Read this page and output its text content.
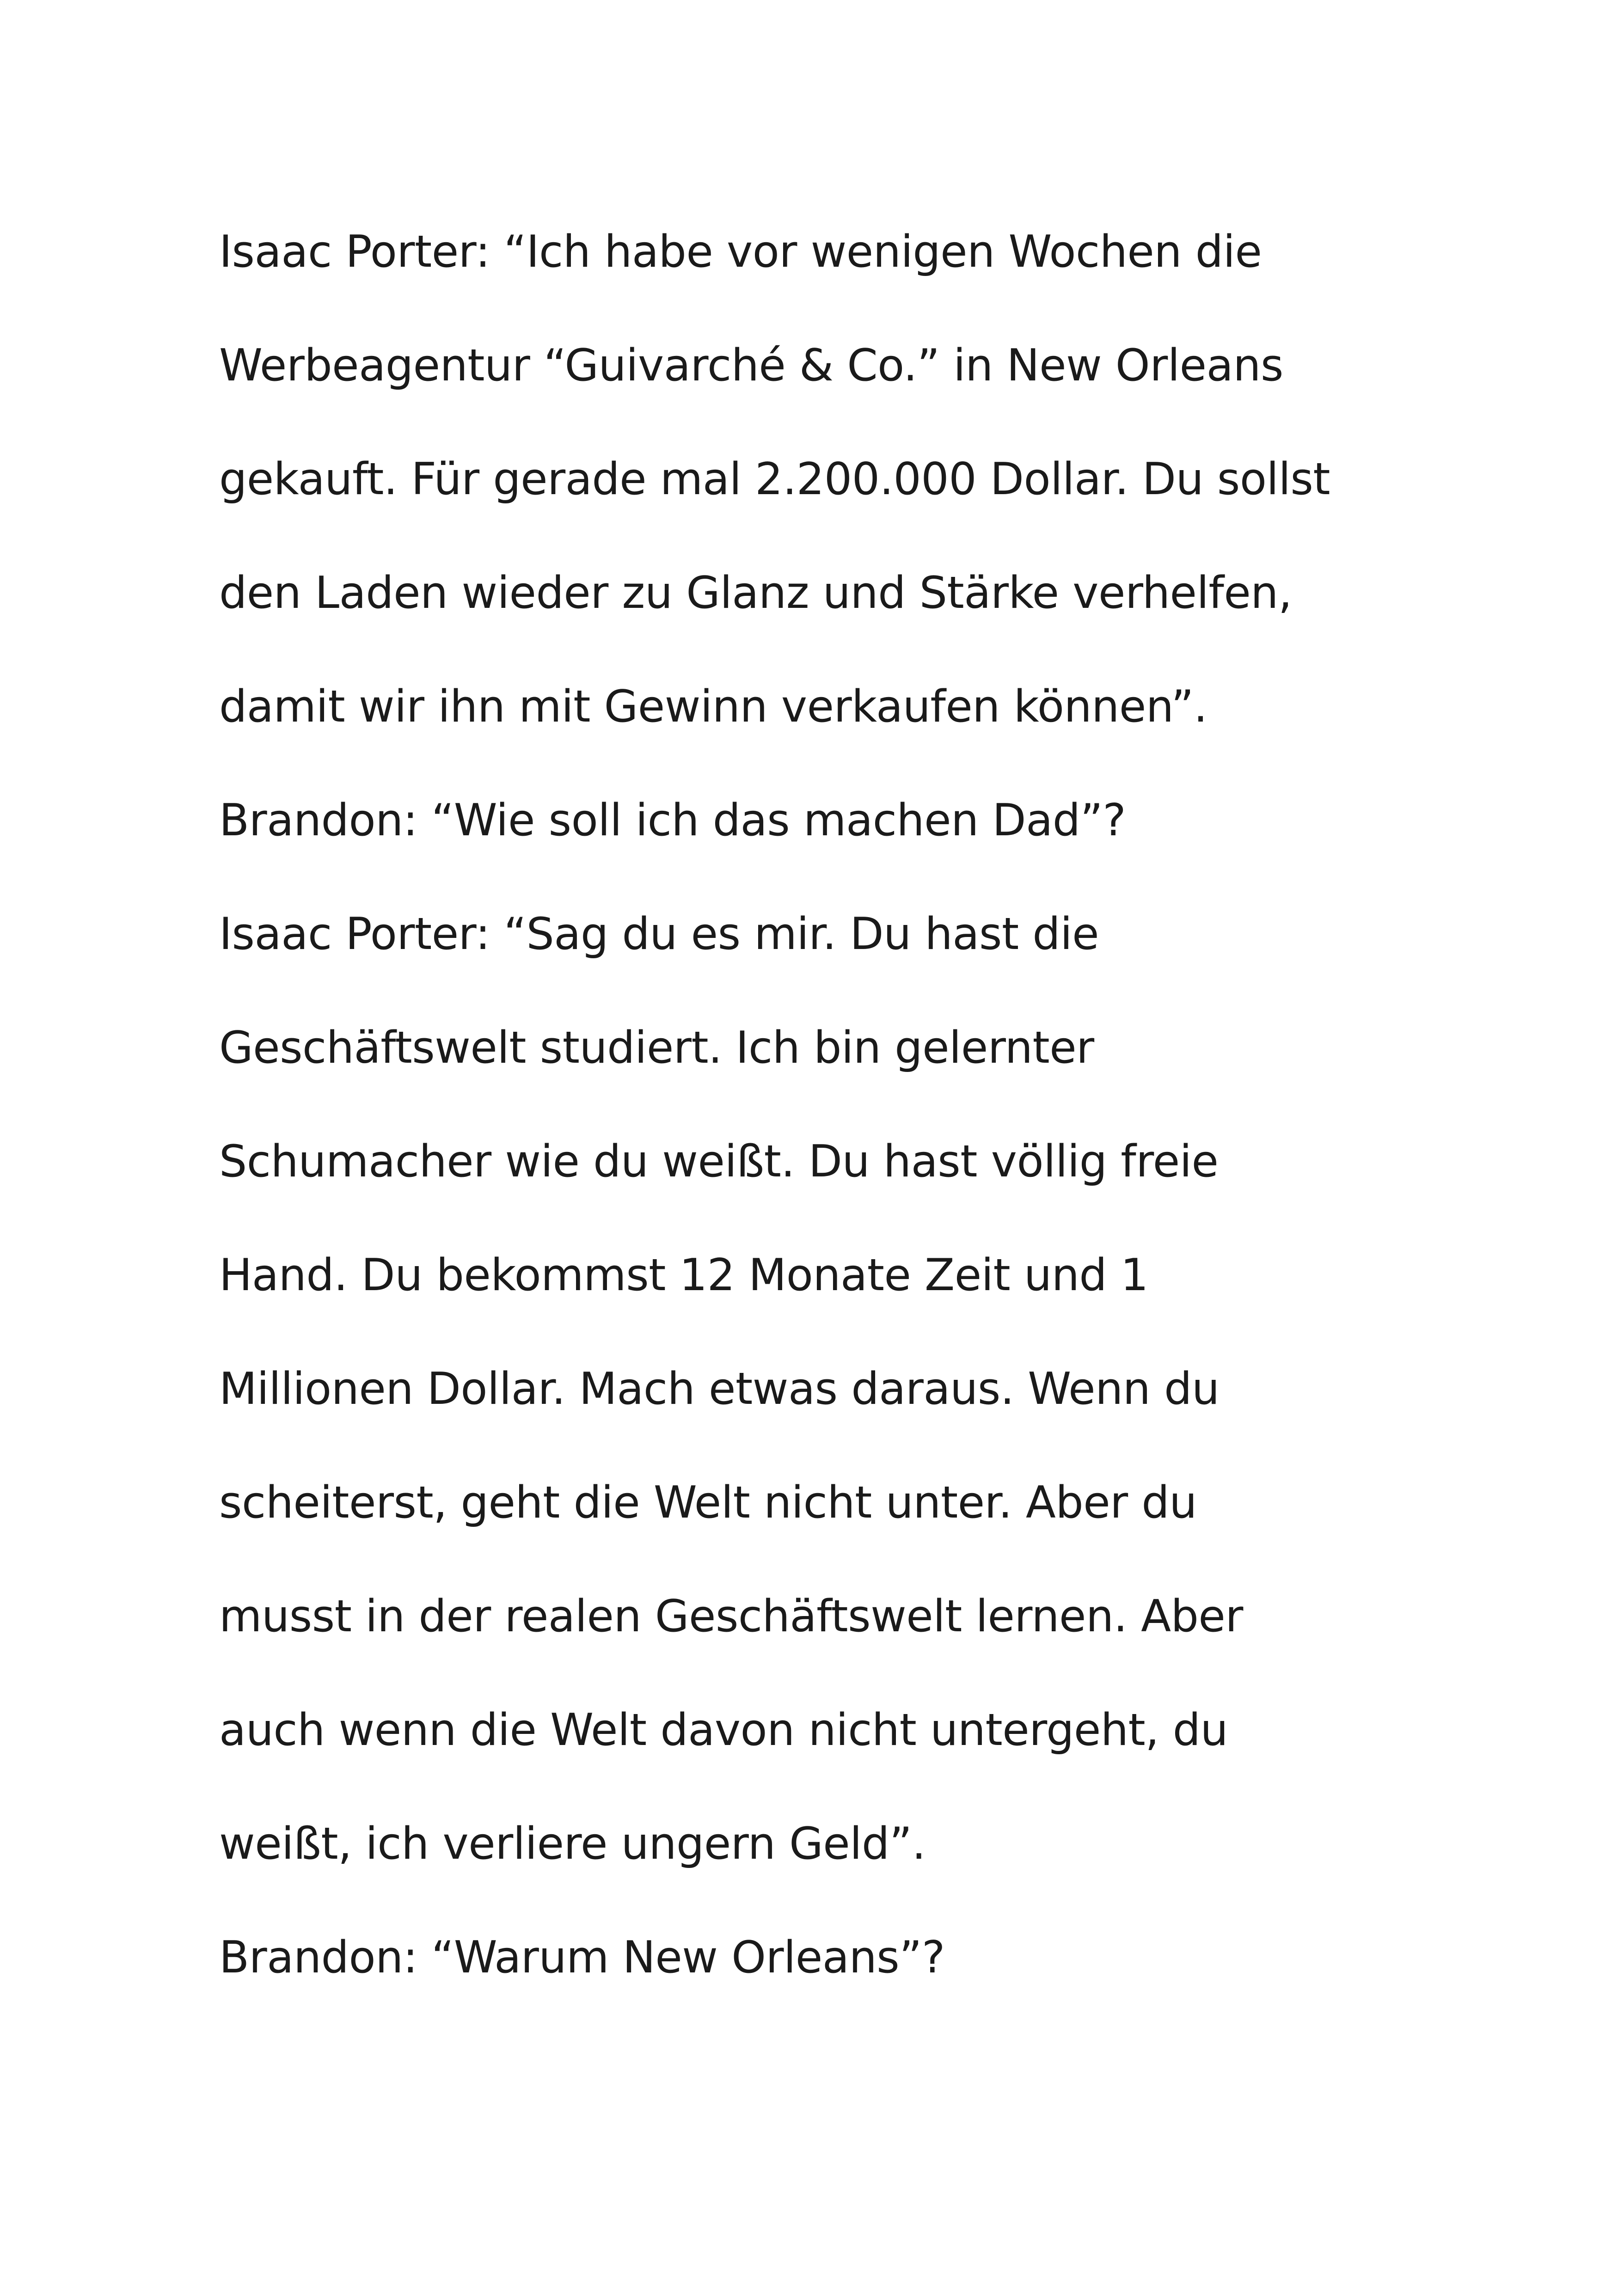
Isaac Porter: “Ich habe vor wenigen Wochen die
Werbeagentur “Guivarché & Co.” in New Orleans
gekauft. Für gerade mal 2.200.000 Dollar. Du sollst
den Laden wieder zu Glanz und Stärke verhelfen,
damit wir ihn mit Gewinn verkaufen können”.
Brandon: “Wie soll ich das machen Dad”?
Isaac Porter: “Sag du es mir. Du hast die
Geschäftswelt studiert. Ich bin gelernter
Schumacher wie du weißt. Du hast völlig freie
Hand. Du bekommst 12 Monate Zeit und 1
Millionen Dollar. Mach etwas daraus. Wenn du
scheiterst, geht die Welt nicht unter. Aber du
musst in der realen Geschäftswelt lernen. Aber
auch wenn die Welt davon nicht untergeht, du
weißt, ich verliere ungern Geld”.
Brandon: “Warum New Orleans”?
